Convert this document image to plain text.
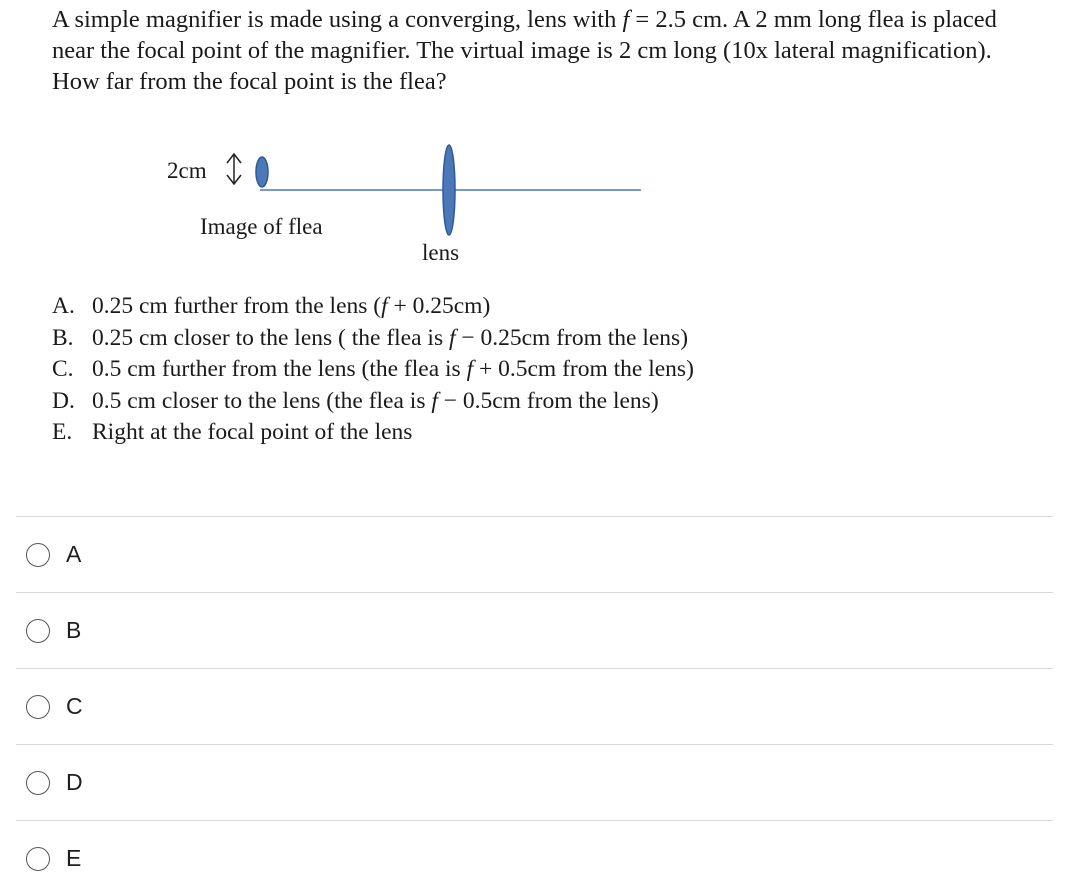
A simple magnifier is made using a converging, lens with f = 2.5 cm. A 2 mm long flea is placed near the focal point of the magnifier. The virtual image is 2 cm long (10x lateral magnification). How far from the focal point is the flea?

2cm
Image of flea
lens
A. 0.25 cm further from the lens (f + 0.25cm)
B. 0.25 cm closer to the lens ( the flea is f − 0.25cm from the lens)
C. 0.5 cm further from the lens (the flea is f + 0.5cm from the lens)
D. 0.5 cm closer to the lens (the flea is f − 0.5cm from the lens)
E. Right at the focal point of the lens
A
B
C
D
E
